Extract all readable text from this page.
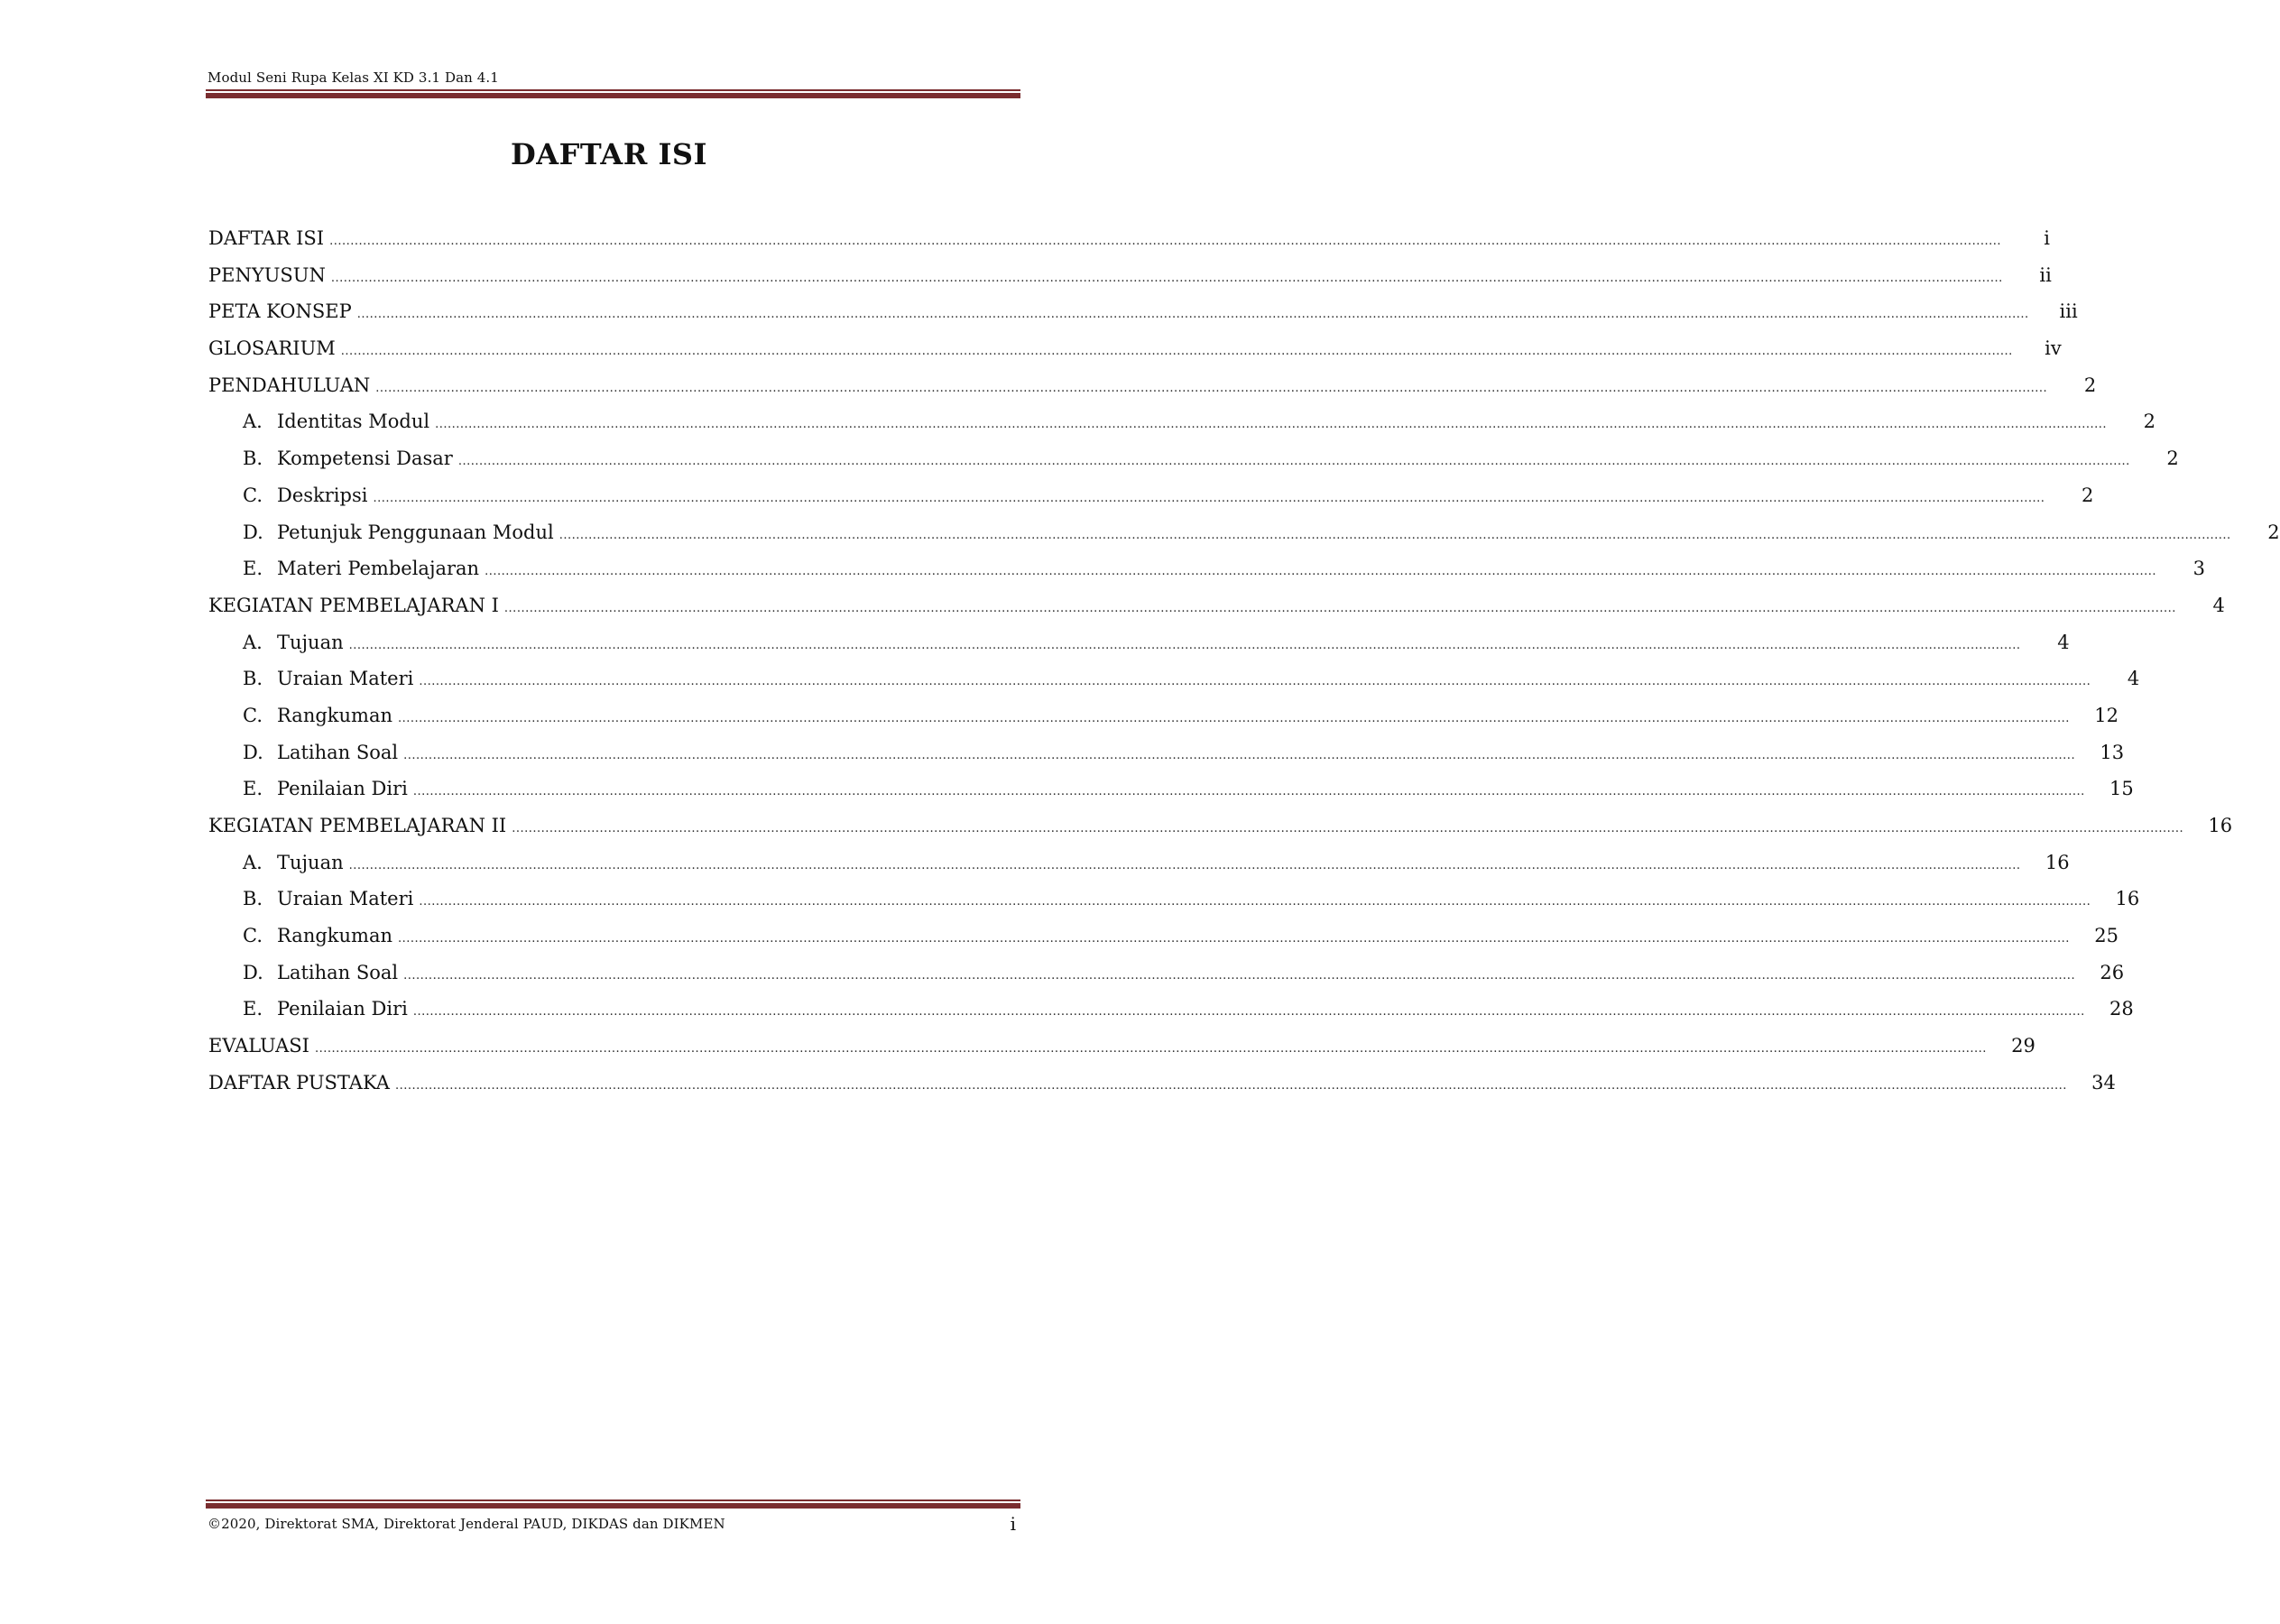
Modul Seni Rupa Kelas XI KD 3.1 Dan 4.1
DAFTAR ISI
DAFTAR ISI ................................................................................................................................................................................................................................................................................................................................................................................................................	i
PENYUSUN ................................................................................................................................................................................................................................................................................................................................................................................................................	ii
PETA KONSEP ................................................................................................................................................................................................................................................................................................................................................................................................................	iii
GLOSARIUM ................................................................................................................................................................................................................................................................................................................................................................................................................	iv
PENDAHULUAN ................................................................................................................................................................................................................................................................................................................................................................................................................	2
A. Identitas Modul ................................................................................................................................................................................................................................................................................................................................................................................................................	2
B. Kompetensi Dasar ................................................................................................................................................................................................................................................................................................................................................................................................................	2
C. Deskripsi ................................................................................................................................................................................................................................................................................................................................................................................................................	2
D. Petunjuk Penggunaan Modul ................................................................................................................................................................................................................................................................................................................................................................................................................	2
E. Materi Pembelajaran ................................................................................................................................................................................................................................................................................................................................................................................................................	3
KEGIATAN PEMBELAJARAN I ................................................................................................................................................................................................................................................................................................................................................................................................................	4
A. Tujuan ................................................................................................................................................................................................................................................................................................................................................................................................................	4
B. Uraian Materi ................................................................................................................................................................................................................................................................................................................................................................................................................	4
C. Rangkuman ................................................................................................................................................................................................................................................................................................................................................................................................................	12
D. Latihan Soal ................................................................................................................................................................................................................................................................................................................................................................................................................	13
E. Penilaian Diri ................................................................................................................................................................................................................................................................................................................................................................................................................	15
KEGIATAN PEMBELAJARAN II ................................................................................................................................................................................................................................................................................................................................................................................................................	16
A. Tujuan ................................................................................................................................................................................................................................................................................................................................................................................................................	16
B. Uraian Materi ................................................................................................................................................................................................................................................................................................................................................................................................................	16
C. Rangkuman ................................................................................................................................................................................................................................................................................................................................................................................................................	25
D. Latihan Soal ................................................................................................................................................................................................................................................................................................................................................................................................................	26
E. Penilaian Diri ................................................................................................................................................................................................................................................................................................................................................................................................................	28
EVALUASI ................................................................................................................................................................................................................................................................................................................................................................................................................	29
DAFTAR PUSTAKA ................................................................................................................................................................................................................................................................................................................................................................................................................	34
©2020, Direktorat SMA, Direktorat Jenderal PAUD, DIKDAS dan DIKMEN	i
